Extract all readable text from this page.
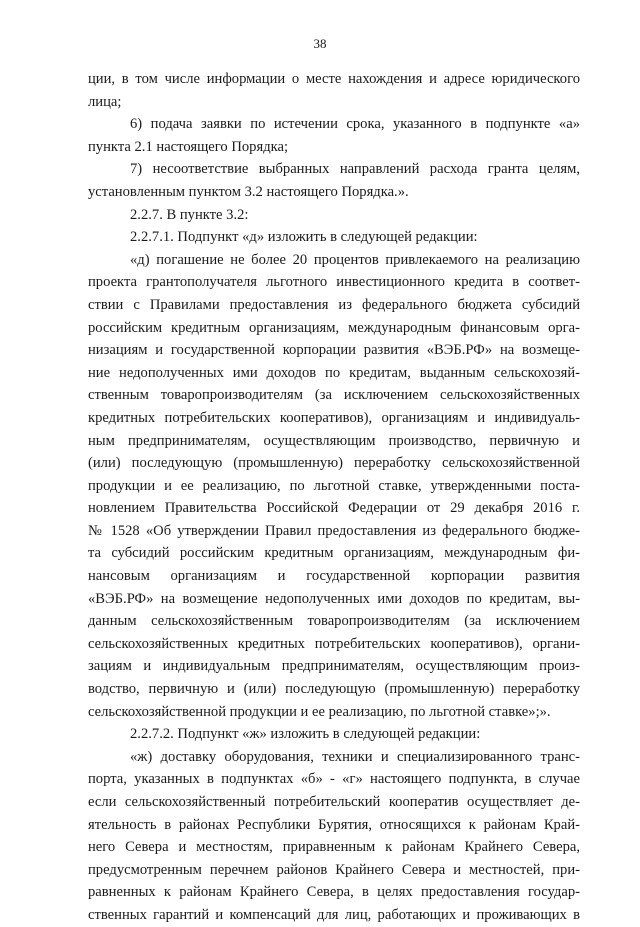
38
ции, в том числе информации о месте нахождения и адресе юридического
лица;
6) подача заявки по истечении срока, указанного в подпункте «а»
пункта 2.1 настоящего Порядка;
7) несоответствие выбранных направлений расхода гранта целям,
установленным пунктом 3.2 настоящего Порядка.».
2.2.7. В пункте 3.2:
2.2.7.1. Подпункт «д» изложить в следующей редакции:
«д) погашение не более 20 процентов привлекаемого на реализацию
проекта грантополучателя льготного инвестиционного кредита в соответ-
ствии с Правилами предоставления из федерального бюджета субсидий
российским кредитным организациям, международным финансовым орга-
низациям и государственной корпорации развития «ВЭБ.РФ» на возмеще-
ние недополученных ими доходов по кредитам, выданным сельскохозяй-
ственным товаропроизводителям (за исключением сельскохозяйственных
кредитных потребительских кооперативов), организациям и индивидуаль-
ным предпринимателям, осуществляющим производство, первичную и
(или) последующую (промышленную) переработку сельскохозяйственной
продукции и ее реализацию, по льготной ставке, утвержденными поста-
новлением Правительства Российской Федерации от 29 декабря 2016 г.
№ 1528 «Об утверждении Правил предоставления из федерального бюдже-
та субсидий российским кредитным организациям, международным фи-
нансовым организациям и государственной корпорации развития
«ВЭБ.РФ» на возмещение недополученных ими доходов по кредитам, вы-
данным сельскохозяйственным товаропроизводителям (за исключением
сельскохозяйственных кредитных потребительских кооперативов), органи-
зациям и индивидуальным предпринимателям, осуществляющим произ-
водство, первичную и (или) последующую (промышленную) переработку
сельскохозяйственной продукции и ее реализацию, по льготной ставке»;».
2.2.7.2. Подпункт «ж» изложить в следующей редакции:
«ж) доставку оборудования, техники и специализированного транс-
порта, указанных в подпунктах «б» - «г» настоящего подпункта, в случае
если сельскохозяйственный потребительский кооператив осуществляет де-
ятельность в районах Республики Бурятия, относящихся к районам Край-
него Севера и местностям, приравненным к районам Крайнего Севера,
предусмотренным перечнем районов Крайнего Севера и местностей, при-
равненных к районам Крайнего Севера, в целях предоставления государ-
ственных гарантий и компенсаций для лиц, работающих и проживающих в
